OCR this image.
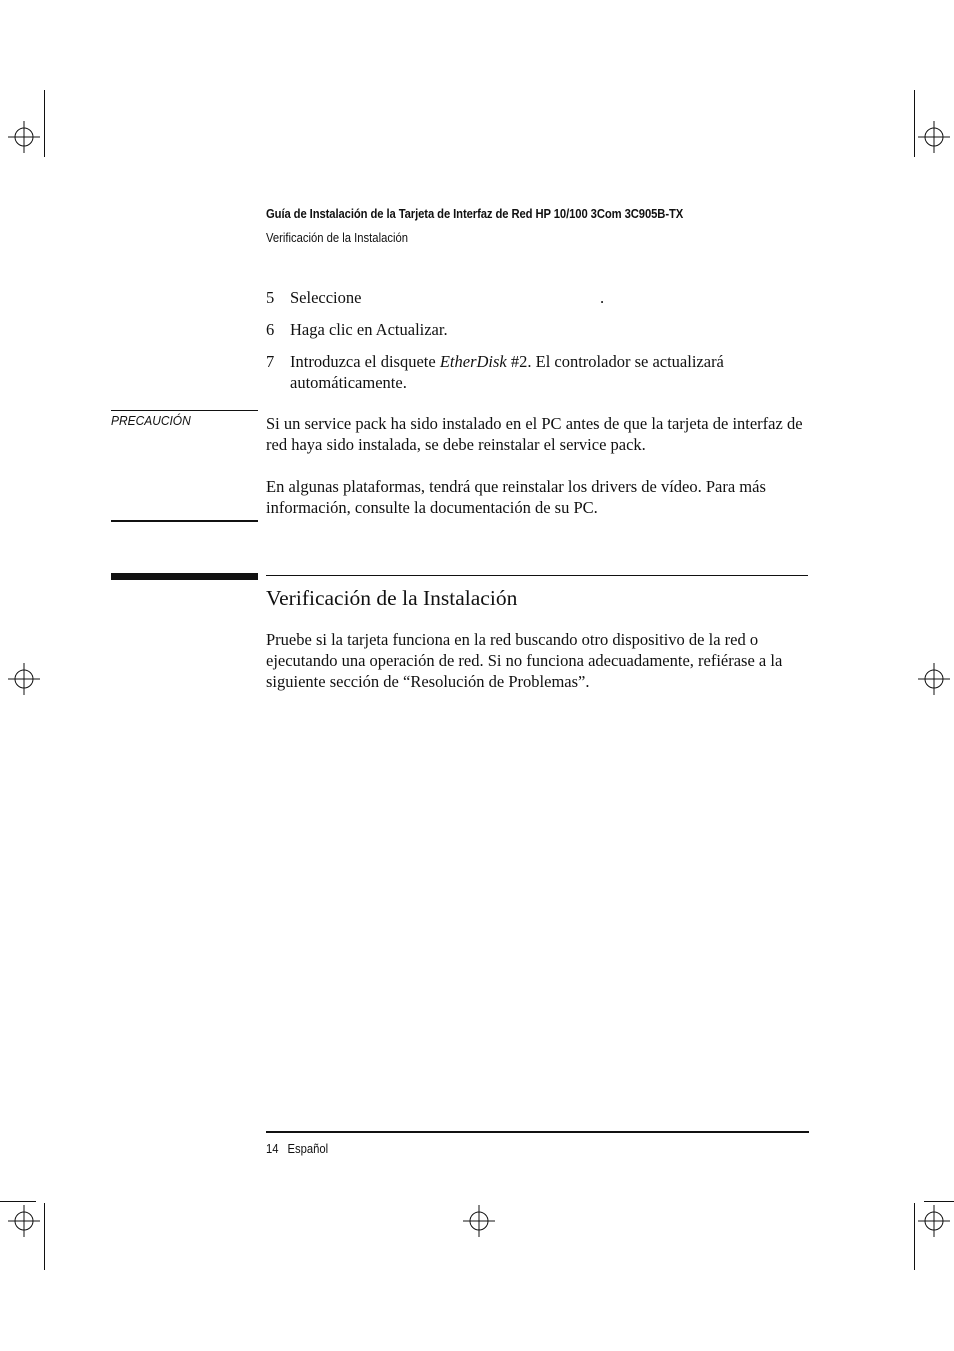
Guía de Instalación de la Tarjeta de Interfaz de Red HP 10/100 3Com 3C905B-TX
Verificación de la Instalación
5 Seleccione	.
6 Haga clic en Actualizar.
7 Introduzca el disquete EtherDisk #2. El controlador se actualizará automáticamente.
PRECAUCIÓN	Si un service pack ha sido instalado en el PC antes de que la tarjeta de interfaz de red haya sido instalada, se debe reinstalar el service pack.
En algunas plataformas, tendrá que reinstalar los drivers de vídeo. Para más información, consulte la documentación de su PC.
Verificación de la Instalación
Pruebe si la tarjeta funciona en la red buscando otro dispositivo de la red o ejecutando una operación de red. Si no funciona adecuadamente, refiérase a la siguiente sección de “Resolución de Problemas”.
14 Español
